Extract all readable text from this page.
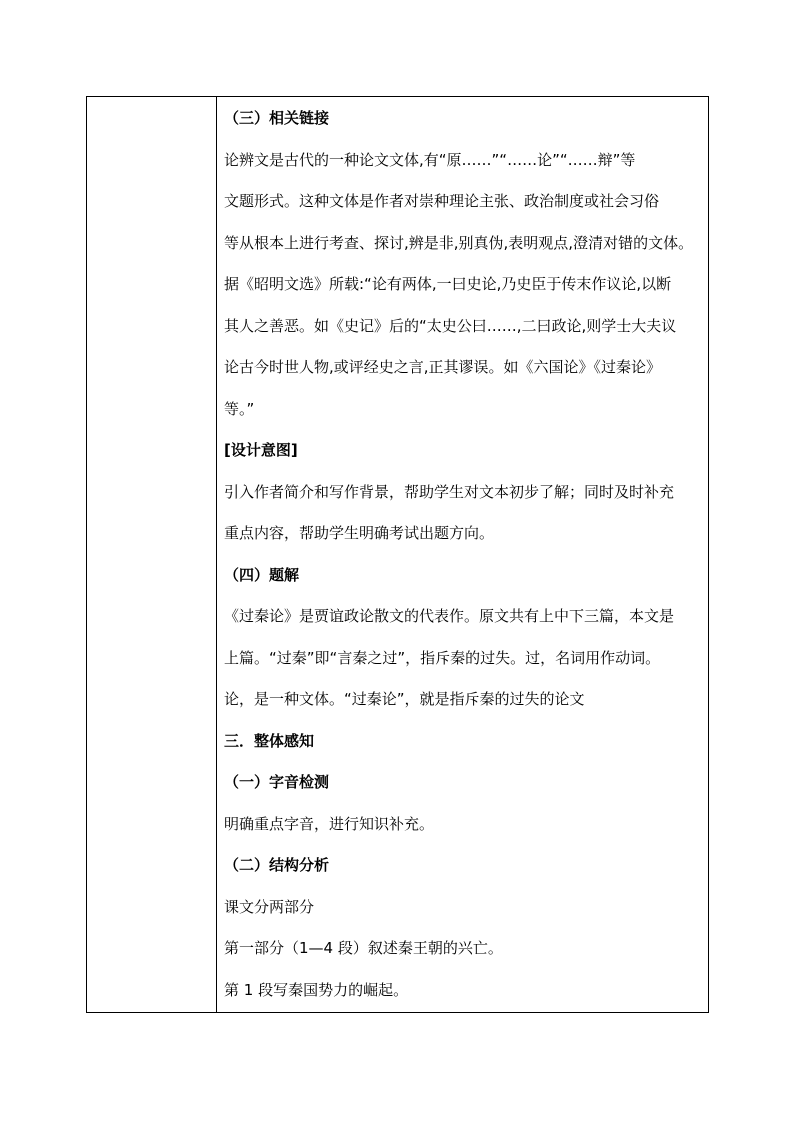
（三）相关链接
论辨文是古代的一种论文文体,有“原……”“……论”“……辩”等
文题形式。这种文体是作者对崇种理论主张、政治制度或社会习俗
等从根本上进行考查、探讨,辨是非,别真伪,表明观点,澄清对错的文体。
据《昭明文选》所载:“论有两体,一曰史论,乃史臣于传末作议论,以断
其人之善恶。如《史记》后的“太史公曰……,二曰政论,则学士大夫议
论古今时世人物,或评经史之言,正其谬误。如《六国论》《过秦论》
等。”
[设计意图]
引入作者简介和写作背景，帮助学生对文本初步了解；同时及时补充
重点内容，帮助学生明确考试出题方向。
（四）题解
《过秦论》是贾谊政论散文的代表作。原文共有上中下三篇，本文是
上篇。“过秦”即“言秦之过”，指斥秦的过失。过，名词用作动词。
论，是一种文体。“过秦论”，就是指斥秦的过失的论文
三．整体感知
（一）字音检测
明确重点字音，进行知识补充。
（二）结构分析
课文分两部分
第一部分（1—4 段）叙述秦王朝的兴亡。
第 1 段写秦国势力的崛起。
